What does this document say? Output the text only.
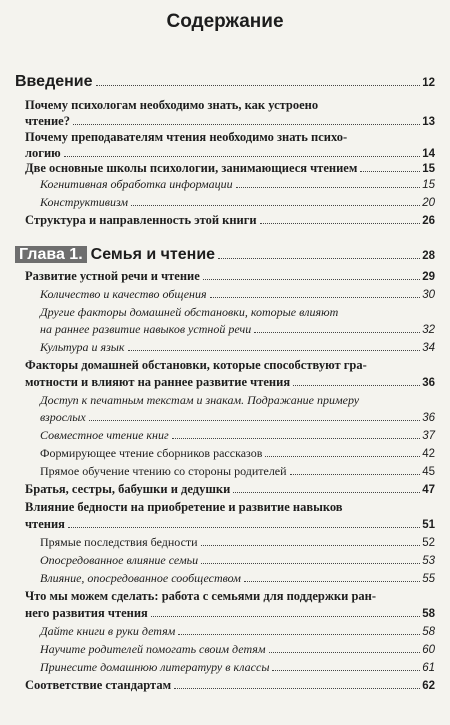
Содержание
Введение	12
Почему психологам необходимо знать, как устроено
чтение?	13
Почему преподавателям чтения необходимо знать психо-
логию	14
Две основные школы психологии, занимающиеся чтением	15
Когнитивная обработка информации	15
Конструктивизм	20
Структура и направленность этой книги	26
Глава 1. Семья и чтение	28
Развитие устной речи и чтение	29
Количество и качество общения	30
Другие факторы домашней обстановки, которые влияют
на раннее развитие навыков устной речи	32
Культура и язык	34
Факторы домашней обстановки, которые способствуют гра-
мотности и влияют на раннее развитие чтения	36
Доступ к печатным текстам и знакам. Подражание примеру
взрослых	36
Совместное чтение книг	37
Формирующее чтение сборников рассказов	42
Прямое обучение чтению со стороны родителей	45
Братья, сестры, бабушки и дедушки	47
Влияние бедности на приобретение и развитие навыков
чтения	51
Прямые последствия бедности	52
Опосредованное влияние семьи	53
Влияние, опосредованное сообществом	55
Что мы можем сделать: работа с семьями для поддержки ран-
него развития чтения	58
Дайте книги в руки детям	58
Научите родителей помогать своим детям	60
Принесите домашнюю литературу в классы	61
Соответствие стандартам	62
